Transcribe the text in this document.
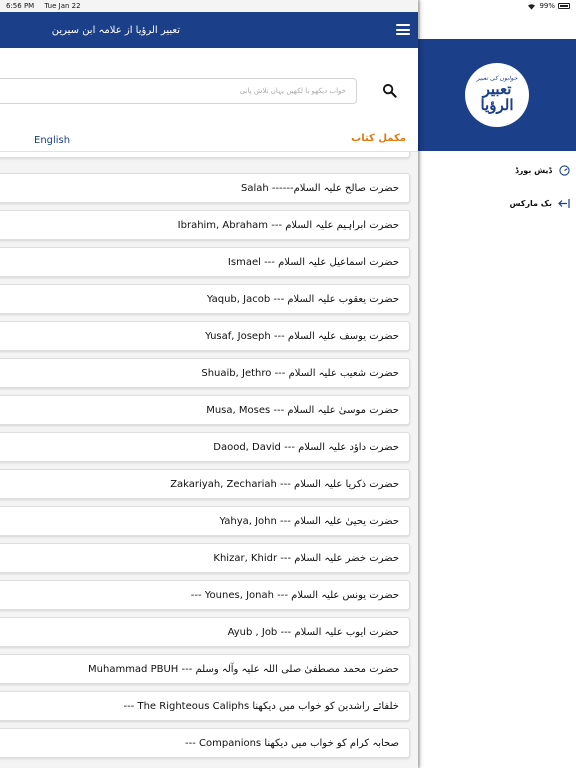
6:56 PM Tue Jan 22	99%
خوابوں کی تعبیر
تعبیر الرؤیا
ڈیش بورڈ
بک مارکس
تعبیر الرؤیا از علامہ ابن سیرین
خواب دیکھو یا لکھیں یہاں تلاش پانی
English	مکمل کتاب
حضرت صالح علیہ السلام------ Salah
حضرت ابراہیم علیہ السلام --- Ibrahim, Abraham
حضرت اسماعیل علیہ السلام --- Ismael
حضرت یعقوب علیہ السلام --- Yaqub, Jacob
حضرت یوسف علیہ السلام --- Yusaf, Joseph
حضرت شعیب علیہ السلام --- Shuaib, Jethro
حضرت موسیٰ علیہ السلام --- Musa, Moses
حضرت داؤد علیہ السلام --- Daood, David
حضرت ذکریا علیہ السلام --- Zakariyah, Zechariah
حضرت یحییٰ علیہ السلام --- Yahya, John
حضرت خضر علیہ السلام --- Khizar, Khidr
حضرت یونس علیہ السلام --- Younes, Jonah ---
حضرت ایوب علیہ السلام --- Ayub , Job
حضرت محمد مصطفیٰ صلی اللہ علیہ وآلہ وسلم --- Muhammad PBUH
خلفائے راشدین کو خواب میں دیکھنا The Righteous Caliphs ---
صحابہ کرام کو خواب میں دیکھنا Companions ---
